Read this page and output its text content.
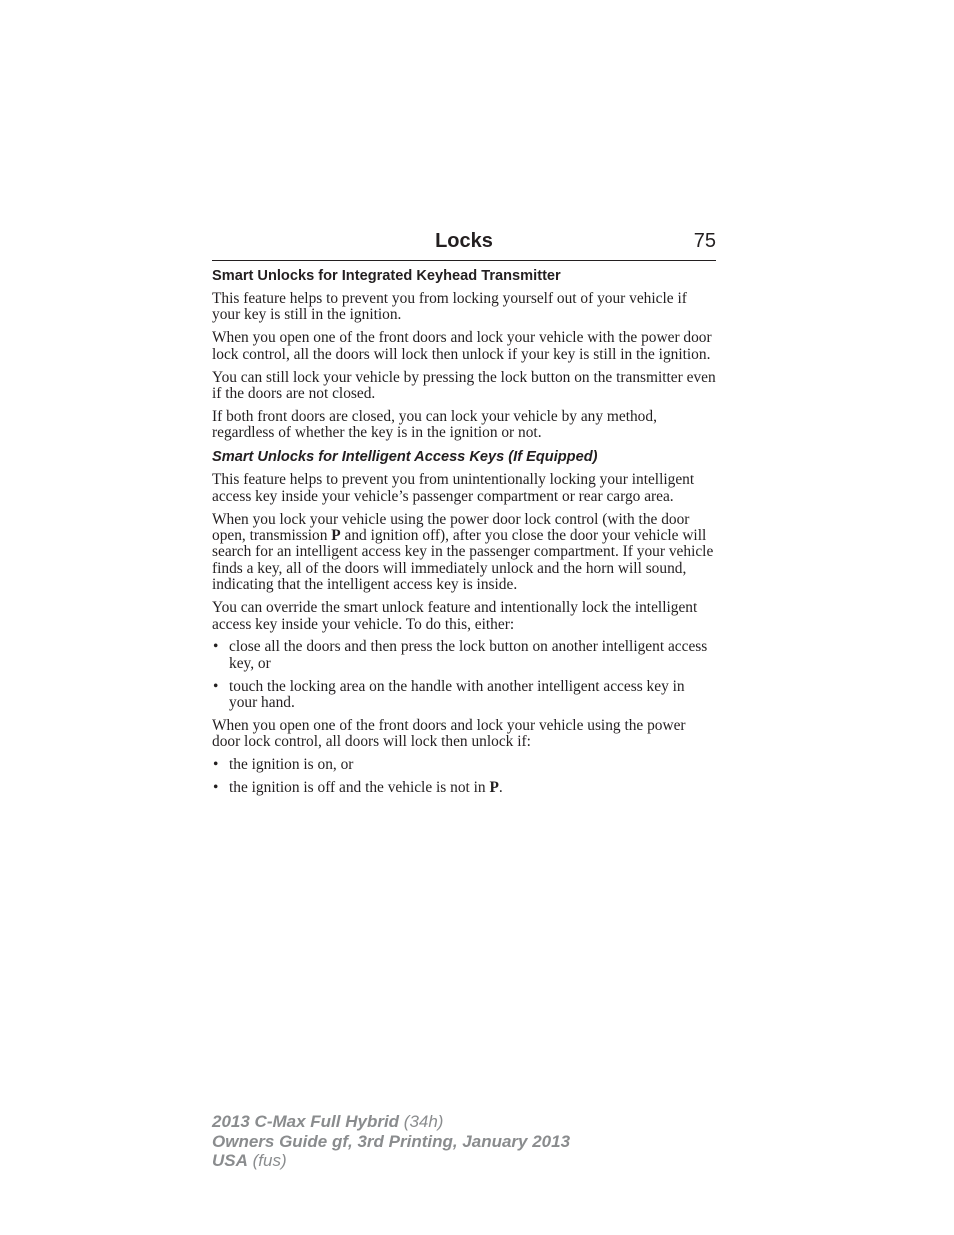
Locks	75
Smart Unlocks for Integrated Keyhead Transmitter

This feature helps to prevent you from locking yourself out of your vehicle if your key is still in the ignition.

When you open one of the front doors and lock your vehicle with the power door lock control, all the doors will lock then unlock if your key is still in the ignition.

You can still lock your vehicle by pressing the lock button on the transmitter even if the doors are not closed.

If both front doors are closed, you can lock your vehicle by any method, regardless of whether the key is in the ignition or not.

Smart Unlocks for Intelligent Access Keys (If Equipped)

This feature helps to prevent you from unintentionally locking your intelligent access key inside your vehicle’s passenger compartment or rear cargo area.

When you lock your vehicle using the power door lock control (with the door open, transmission P and ignition off), after you close the door your vehicle will search for an intelligent access key in the passenger compartment. If your vehicle finds a key, all of the doors will immediately unlock and the horn will sound, indicating that the intelligent access key is inside.

You can override the smart unlock feature and intentionally lock the intelligent access key inside your vehicle. To do this, either:

• close all the doors and then press the lock button on another intelligent access key, or
• touch the locking area on the handle with another intelligent access key in your hand.

When you open one of the front doors and lock your vehicle using the power door lock control, all doors will lock then unlock if:

• the ignition is on, or
• the ignition is off and the vehicle is not in P.
2013 C-Max Full Hybrid (34h)
Owners Guide gf, 3rd Printing, January 2013
USA (fus)
